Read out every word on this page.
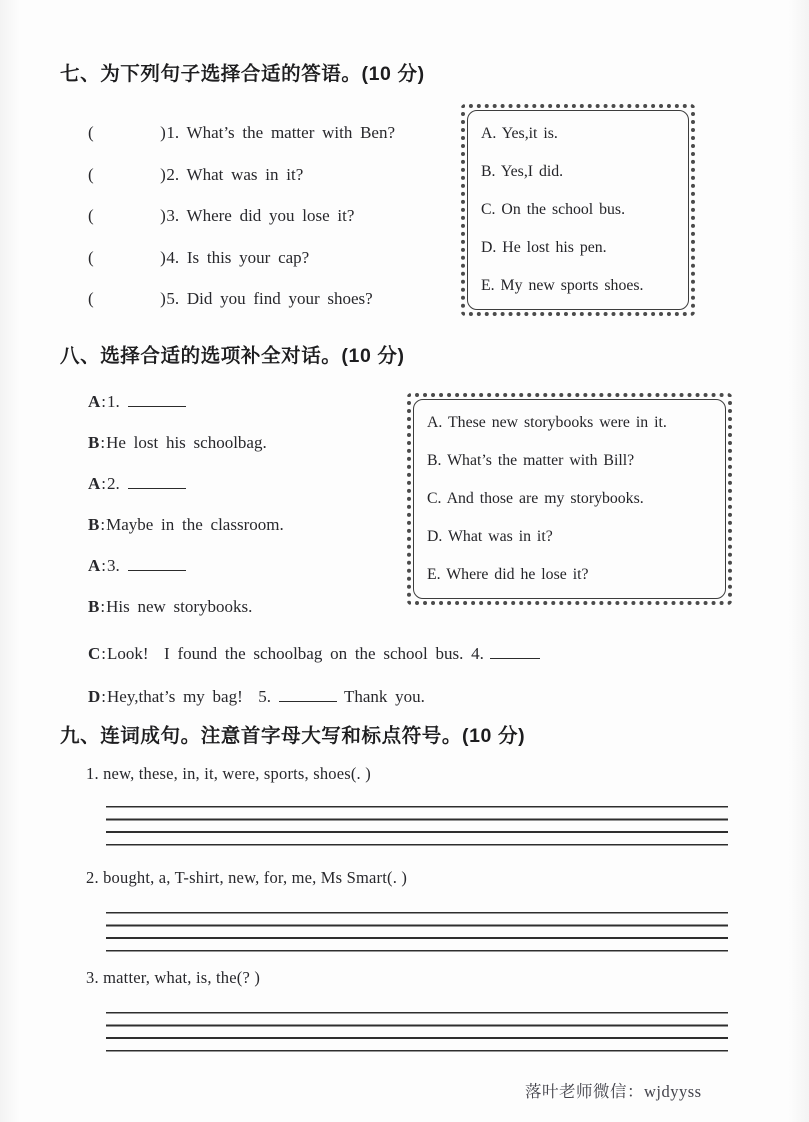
七、为下列句子选择合适的答语。(10 分)
(        )1. What’s the matter with Ben?
(        )2. What was in it?
(        )3. Where did you lose it?
(        )4. Is this your cap?
(        )5. Did you find your shoes?
A. Yes,it is.
B. Yes,I did.
C. On the school bus.
D. He lost his pen.
E. My new sports shoes.
八、选择合适的选项补全对话。(10 分)
A:1.
B:He lost his schoolbag.
A:2.
B:Maybe in the classroom.
A:3.
B:His new storybooks.
A. These new storybooks were in it.
B. What’s the matter with Bill?
C. And those are my storybooks.
D. What was in it?
E. Where did he lose it?
C:Look!  I found the schoolbag on the school bus. 4.
D:Hey,that’s my bag!  5.	Thank you.
九、连词成句。注意首字母大写和标点符号。(10 分)
1. new, these, in, it, were, sports, shoes(. )
2. bought, a, T-shirt, new, for, me, Ms Smart(. )
3. matter, what, is, the(? )
落叶老师微信：wjdyyss
